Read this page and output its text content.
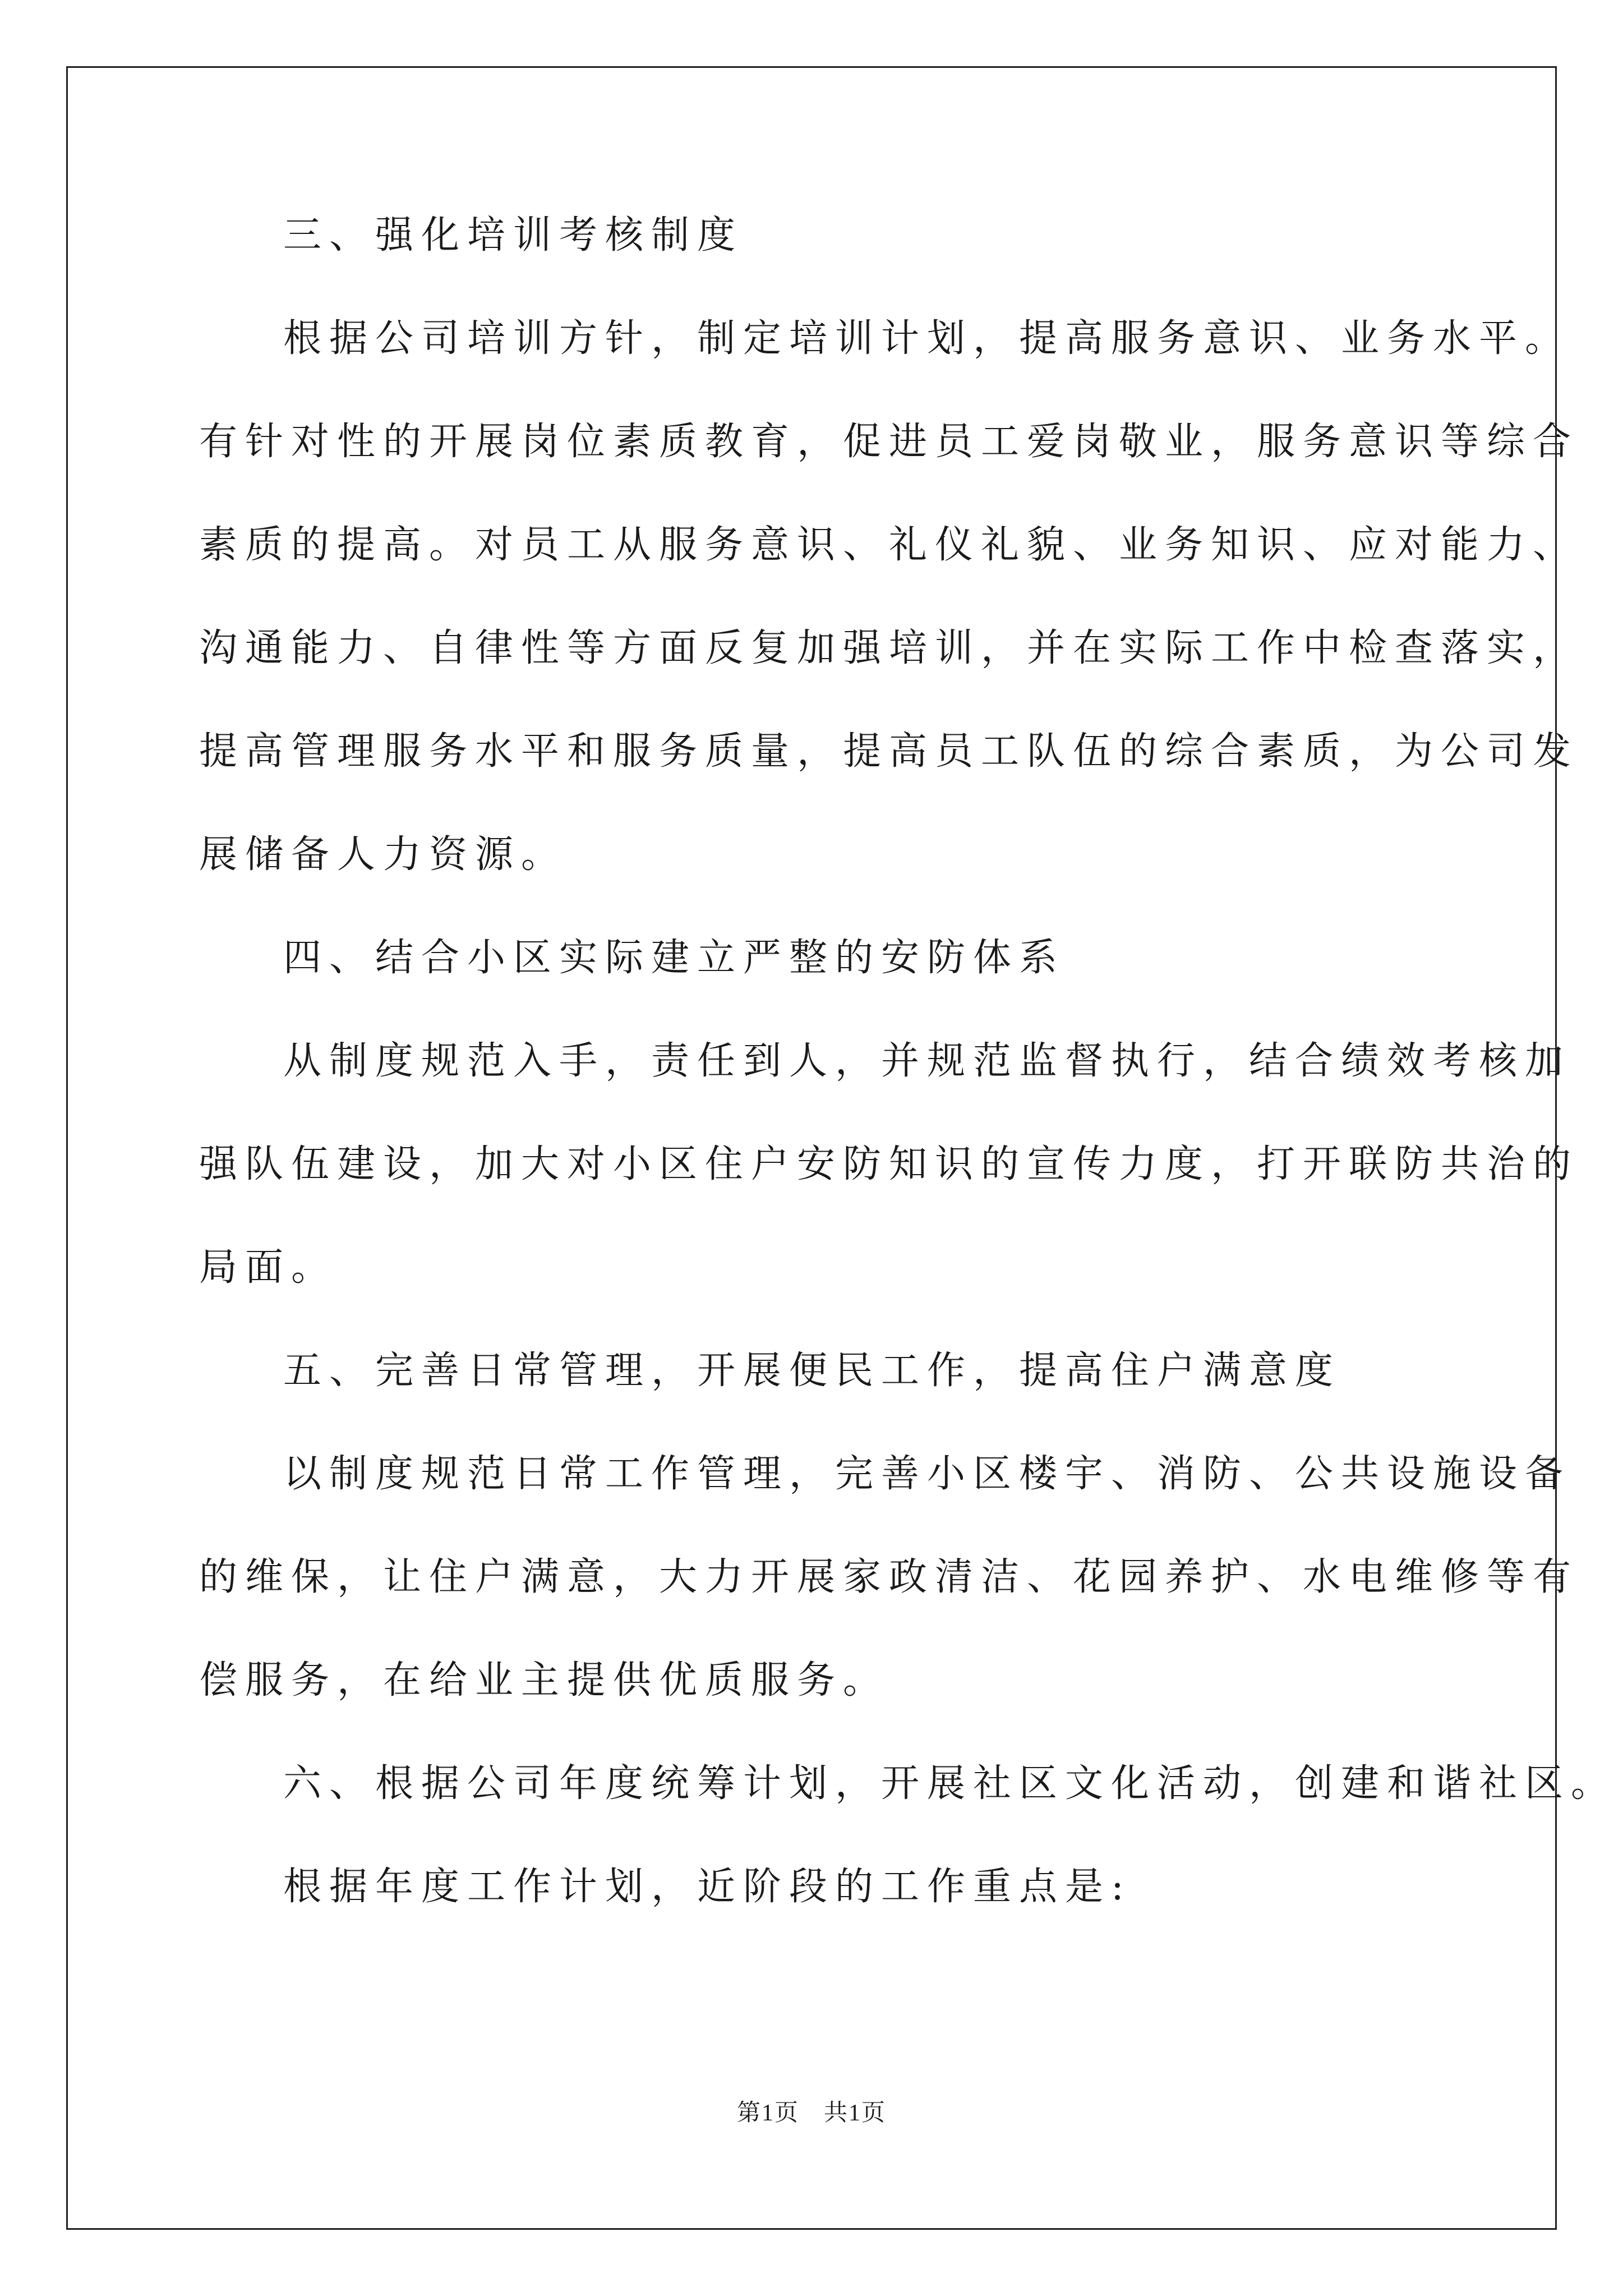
三、强化培训考核制度
根据公司培训方针，制定培训计划，提高服务意识、业务水平。
有针对性的开展岗位素质教育，促进员工爱岗敬业，服务意识等综合
素质的提高。对员工从服务意识、礼仪礼貌、业务知识、应对能力、
沟通能力、自律性等方面反复加强培训，并在实际工作中检查落实，
提高管理服务水平和服务质量，提高员工队伍的综合素质，为公司发
展储备人力资源。
四、结合小区实际建立严整的安防体系
从制度规范入手，责任到人，并规范监督执行，结合绩效考核加
强队伍建设，加大对小区住户安防知识的宣传力度，打开联防共治的
局面。
五、完善日常管理，开展便民工作，提高住户满意度
以制度规范日常工作管理，完善小区楼宇、消防、公共设施设备
的维保，让住户满意，大力开展家政清洁、花园养护、水电维修等有
偿服务，在给业主提供优质服务。
六、根据公司年度统筹计划，开展社区文化活动，创建和谐社区。
根据年度工作计划，近阶段的工作重点是:
第1页　共1页
